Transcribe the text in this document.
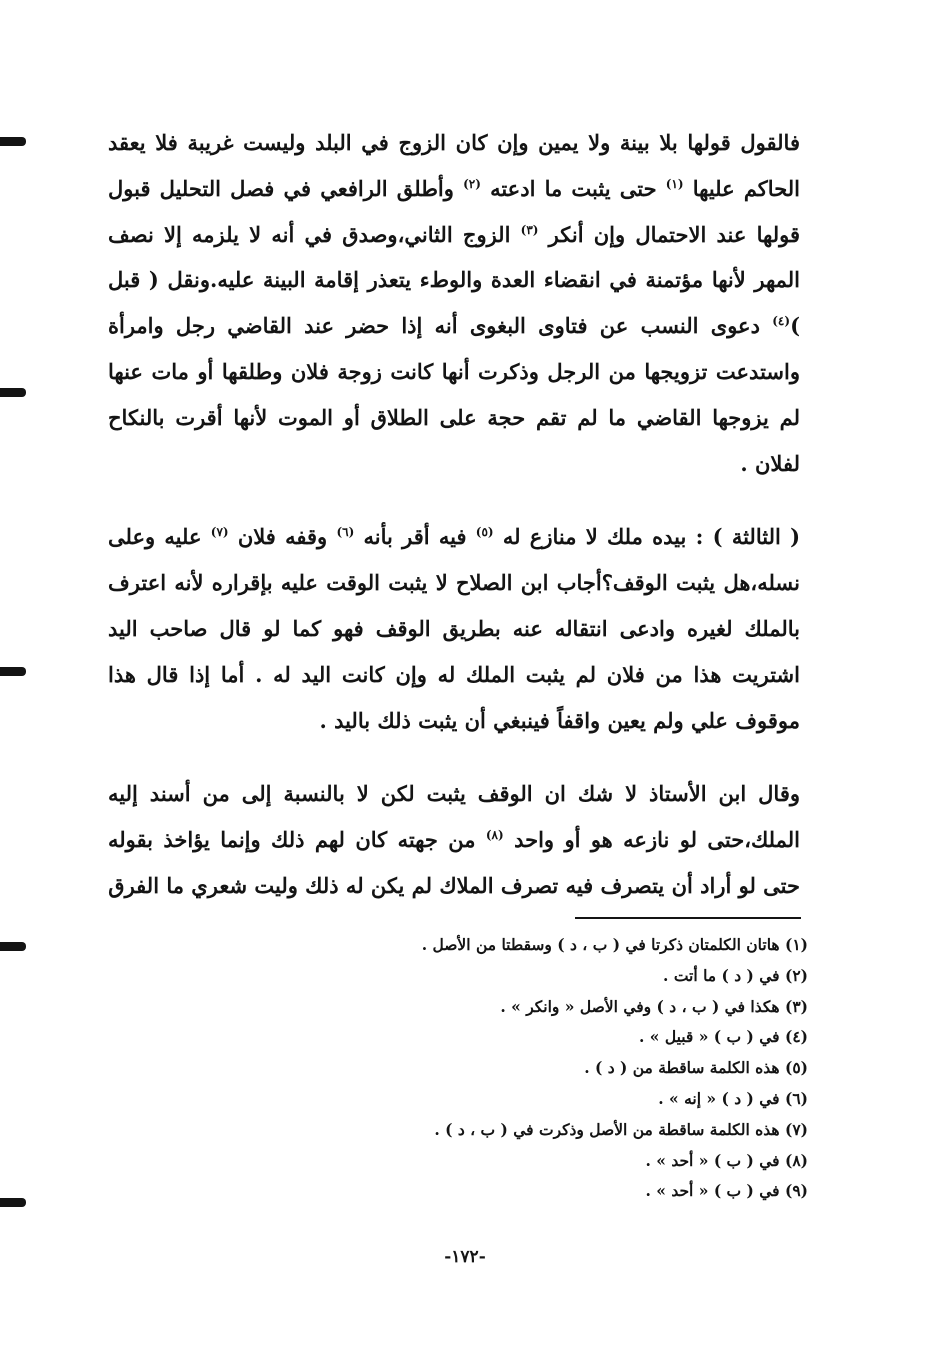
فالقول قولها بلا بينة ولا يمين وإن كان الزوج في البلد وليست غريبة فلا يعقد الحاكم عليها $^{(١)}$ حتى يثبت ما ادعته $^{(٢)}$ وأطلق الرافعي في فصل التحليل قبول قولها عند الاحتمال وإن أنكر $^{(٣)}$ الزوج الثاني،وصدق في أنه لا يلزمه إلا نصف المهر لأنها مؤتمنة في انقضاء العدة والوطء يتعذر إقامة البينة عليه.ونقل ( قبل )$^{(٤)}$ دعوى النسب عن فتاوى البغوى أنه إذا حضر عند القاضي رجل وامرأة واستدعت تزويجها من الرجل وذكرت أنها كانت زوجة فلان وطلقها أو مات عنها لم يزوجها القاضي ما لم تقم حجة على الطلاق أو الموت لأنها أقرت بالنكاح لفلان .

( الثالثة ) : بيده ملك لا منازع له $^{(٥)}$ فيه أقر بأنه $^{(٦)}$ وقفه فلان $^{(٧)}$ عليه وعلى نسله،هل يثبت الوقف؟أجاب ابن الصلاح لا يثبت الوقت عليه بإقراره لأنه اعترف بالملك لغيره وادعى انتقاله عنه بطريق الوقف فهو كما لو قال صاحب اليد اشتريت هذا من فلان لم يثبت الملك له وإن كانت اليد له . أما إذا قال هذا موقوف علي ولم يعين واقفاً فينبغي أن يثبت ذلك باليد .

وقال ابن الأستاذ لا شك ان الوقف يثبت لكن لا بالنسبة إلى من أسند إليه الملك،حتى لو نازعه هو أو واحد $^{(٨)}$ من جهته كان لهم ذلك وإنما يؤاخذ بقوله حتى لو أراد أن يتصرف فيه تصرف الملاك لم يكن له ذلك وليت شعري ما الفرق

(١) هاتان الكلمتان ذكرتا في ( ب ، د ) وسقطتا من الأصل .
(٢) في ( د ) ما أتت .
(٣) هكذا في ( ب ، د ) وفي الأصل « وانكر » .
(٤) في ( ب ) « قبيل » .
(٥) هذه الكلمة ساقطة من ( د ) .
(٦) في ( د ) « إنه » .
(٧) هذه الكلمة ساقطة من الأصل وذكرت في ( ب ، د ) .
(٨) في ( ب ) « أحد » .
(٩) في ( ب ) « أحد » .
-١٧٢-
